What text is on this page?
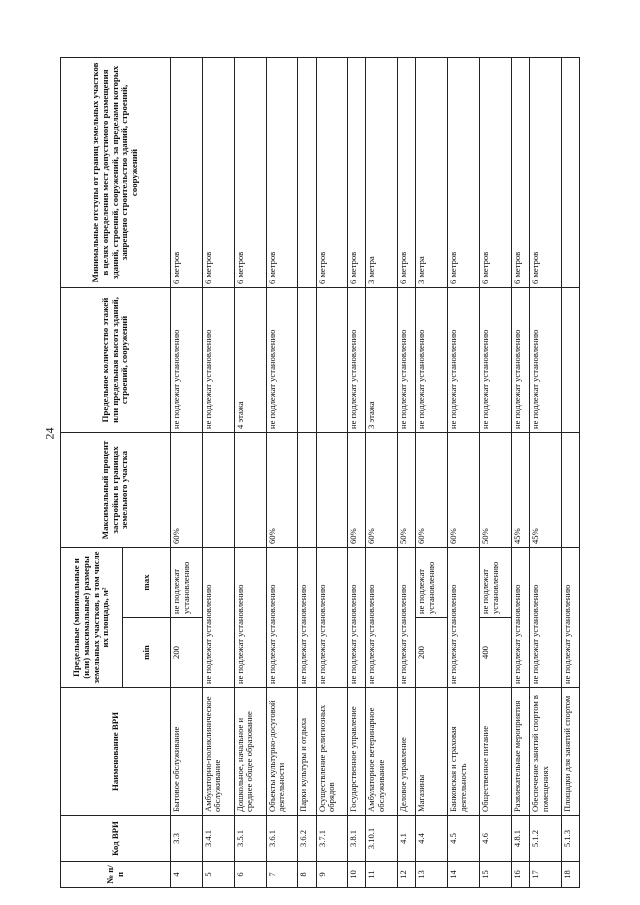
24
№ п/п	Код ВРИ	Наименование ВРИ	Предельные (минимальные и (или) максимальные) размеры земельных участков, в том числе их площадь, м²		Максимальный процент застройки в границах земельного участка	Предельное количество этажей или предельная высота зданий, строений, сооружений	Минимальные отступы от границ земельных участков в целях определения мест допустимого размещения зданий, строений, сооружений, за пределами которых запрещено строительство зданий, строений, сооружений
			min	max			
4	3.3	Бытовое обслуживание	200	не подлежат установлению	60%	не подлежат установлению	6 метров
5	3.4.1	Амбулаторно-поликлиническое обслуживание	не подлежат установлению			не подлежат установлению	6 метров
6	3.5.1	Дошкольное, начальное и среднее общее образование	не подлежат установлению			4 этажа	6 метров
7	3.6.1	Объекты культурно-досуговой деятельности	не подлежат установлению		60%	не подлежат установлению	6 метров
8	3.6.2	Парки культуры и отдыха	не подлежат установлению				
9	3.7.1	Осуществление религиозных обрядов	не подлежат установлению				6 метров
10	3.8.1	Государственное управление	не подлежат установлению		60%	не подлежат установлению	6 метров
11	3.10.1	Амбулаторное ветеринарное обслуживание	не подлежат установлению		60%	3 этажа	3 метра
12	4.1	Деловое управление	не подлежат установлению		50%	не подлежат установлению	6 метров
13	4.4	Магазины	200	не подлежат установлению	60%	не подлежат установлению	3 метра
14	4.5	Банковская и страховая деятельность	не подлежат установлению		60%	не подлежат установлению	6 метров
15	4.6	Общественное питание	400	не подлежат установлению	50%	не подлежат установлению	6 метров
16	4.8.1	Развлекательные мероприятия	не подлежат установлению		45%	не подлежат установлению	6 метров
17	5.1.2	Обеспечение занятий спортом в помещениях	не подлежат установлению		45%	не подлежат установлению	6 метров
18	5.1.3	Площадки для занятий спортом	не подлежат установлению				
